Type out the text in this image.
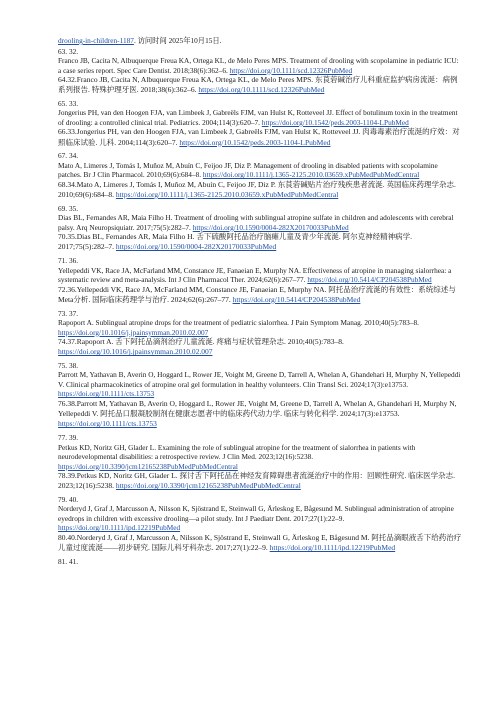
drooling-in-children-1187. 访问时间 2025年10月15日.
63. 32.
Franco JB, Cacita N, Albuquerque Freua KA, Ortega KL, de Melo Peres MPS. Treatment of drooling with scopolamine in pediatric ICU: a case series report. Spec Care Dentist. 2018;38(6):362–6. https://doi.org/10.1111/scd.12326PubMed
64.32.Franco JB, Cacita N, Albuquerque Freua KA, Ortega KL, de Melo Peres MPS. 东莨菪碱治疗儿科重症监护病房流涎：病例系列报告. 特殊护理牙医. 2018;38(6):362–6. https://doi.org/10.1111/scd.12326PubMed
65. 33.
Jongerius PH, van den Hoogen FJA, van Limbeek J, Gabreëls FJM, van Hulst K, Rotteveel JJ. Effect of botulinum toxin in the treatment of drooling: a controlled clinical trial. Pediatrics. 2004;114(3):620–7. https://doi.org/10.1542/peds.2003-1104-LPubMed
66.33.Jongerius PH, van den Hoogen FJA, van Limbeek J, Gabreëls FJM, van Hulst K, Rotteveel JJ. 肉毒毒素治疗流涎的疗效：对照临床试验. 儿科. 2004;114(3):620–7. https://doi.org/10.1542/peds.2003-1104-LPubMed
67. 34.
Mato A, Limeres J, Tomás I, Muñoz M, Abuín C, Feijoo JF, Diz P. Management of drooling in disabled patients with scopolamine patches. Br J Clin Pharmacol. 2010;69(6):684–8. https://doi.org/10.1111/j.1365-2125.2010.03659.xPubMedPubMedCentral
68.34.Mato A, Limeres J, Tomás I, Muñoz M, Abuín C, Feijoo JF, Diz P. 东莨菪碱贴片治疗残疾患者流涎. 英国临床药理学杂志. 2010;69(6):684–8. https://doi.org/10.1111/j.1365-2125.2010.03659.xPubMedPubMedCentral
69. 35.
Dias BL, Fernandes AR, Maia Filho H. Treatment of drooling with sublingual atropine sulfate in children and adolescents with cerebral palsy. Arq Neuropsiquiatr. 2017;75(5):282–7. https://doi.org/10.1590/0004-282X20170033PubMed
70.35.Dias BL, Fernandes AR, Maia Filho H. 舌下硫酸阿托品治疗脑瘫儿童及青少年流涎. 阿尔克神经精神病学. 2017;75(5):282–7. https://doi.org/10.1590/0004-282X20170033PubMed
71. 36.
Yellepeddi VK, Race JA, McFarland MM, Constance JE, Fanaeian E, Murphy NA. Effectiveness of atropine in managing sialorrhea: a systematic review and meta-analysis. Int J Clin Pharmacol Ther. 2024;62(6):267–77. https://doi.org/10.5414/CP204538PubMed
72.36.Yellepeddi VK, Race JA, McFarland MM, Constance JE, Fanaeian E, Murphy NA. 阿托品治疗流涎的有效性：系统综述与Meta分析. 国际临床药理学与治疗. 2024;62(6):267–77. https://doi.org/10.5414/CP204538PubMed
73. 37.
Rapoport A. Sublingual atropine drops for the treatment of pediatric sialorrhea. J Pain Symptom Manag. 2010;40(5):783–8. https://doi.org/10.1016/j.jpainsymman.2010.02.007
74.37.Rapoport A. 舌下阿托品滴剂治疗儿童流涎. 疼痛与症状管理杂志. 2010;40(5):783–8. https://doi.org/10.1016/j.jpainsymman.2010.02.007
75. 38.
Parrott M, Yathavan B, Averin O, Hoggard L, Rower JE, Voight M, Greene D, Tarrell A, Whelan A, Ghandehari H, Murphy N, Yellepeddi V. Clinical pharmacokinetics of atropine oral gel formulation in healthy volunteers. Clin Transl Sci. 2024;17(3):e13753. https://doi.org/10.1111/cts.13753
76.38.Parrott M, Yathavan B, Averin O, Hoggard L, Rower JE, Voight M, Greene D, Tarrell A, Whelan A, Ghandehari H, Murphy N, Yellepeddi V. 阿托品口服凝胶制剂在健康志愿者中的临床药代动力学. 临床与转化科学. 2024;17(3):e13753. https://doi.org/10.1111/cts.13753
77. 39.
Petkus KD, Noritz GH, Glader L. Examining the role of sublingual atropine for the treatment of sialorrhea in patients with neurodevelopmental disabilities: a retrospective review. J Clin Med. 2023;12(16):5238. https://doi.org/10.3390/jcm12165238PubMedPubMedCentral
78.39.Petkus KD, Noritz GH, Glader L. 探讨舌下阿托品在神经发育障碍患者流涎治疗中的作用：回顾性研究. 临床医学杂志. 2023;12(16):5238. https://doi.org/10.3390/jcm12165238PubMedPubMedCentral
79. 40.
Norderyd J, Graf J, Marcusson A, Nilsson K, Sjöstrand E, Steinwall G, Ärleskog E, Bågesund M. Sublingual administration of atropine eyedrops in children with excessive drooling—a pilot study. Int J Paediatr Dent. 2017;27(1):22–9. https://doi.org/10.1111/ipd.12219PubMed
80.40.Norderyd J, Graf J, Marcusson A, Nilsson K, Sjöstrand E, Steinwall G, Ärleskog E, Bågesund M. 阿托品滴眼液舌下给药治疗儿童过度流涎——初步研究. 国际儿科牙科杂志. 2017;27(1):22–9. https://doi.org/10.1111/ipd.12219PubMed
81. 41.
